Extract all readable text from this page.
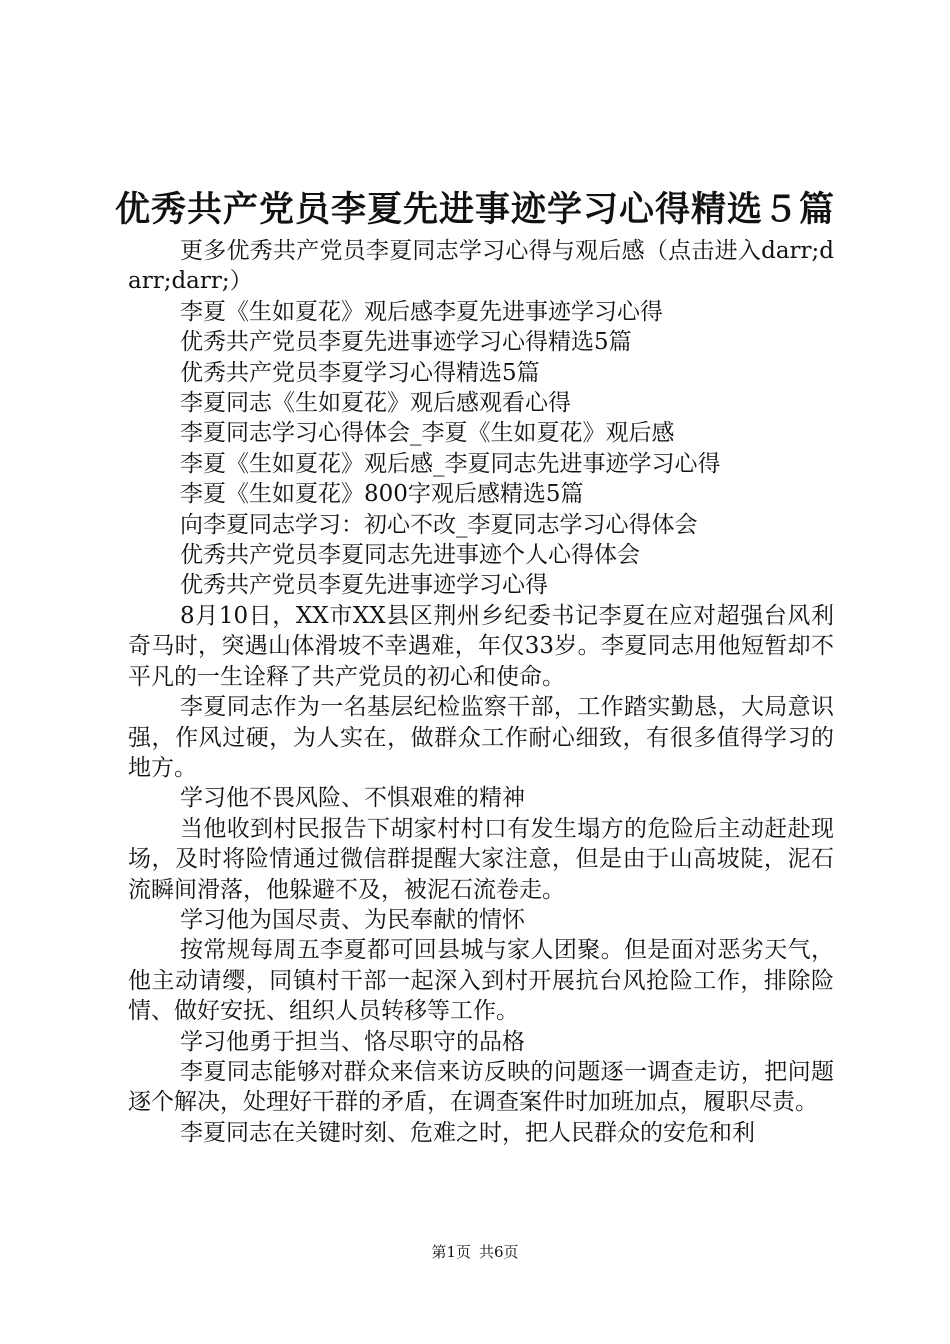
优秀共产党员李夏先进事迹学习心得精选５篇

更多优秀共产党员李夏同志学习心得与观后感（点击进入darr;darr;darr;）

李夏《生如夏花》观后感李夏先进事迹学习心得

优秀共产党员李夏先进事迹学习心得精选5篇

优秀共产党员李夏学习心得精选5篇

李夏同志《生如夏花》观后感观看心得

李夏同志学习心得体会_李夏《生如夏花》观后感

李夏《生如夏花》观后感_李夏同志先进事迹学习心得

李夏《生如夏花》800字观后感精选5篇

向李夏同志学习：初心不改_李夏同志学习心得体会

优秀共产党员李夏同志先进事迹个人心得体会

优秀共产党员李夏先进事迹学习心得

8月10日，XX市XX县区荆州乡纪委书记李夏在应对超强台风利奇马时，突遇山体滑坡不幸遇难，年仅33岁。李夏同志用他短暂却不平凡的一生诠释了共产党员的初心和使命。

李夏同志作为一名基层纪检监察干部，工作踏实勤恳，大局意识强，作风过硬，为人实在，做群众工作耐心细致，有很多值得学习的地方。

学习他不畏风险、不惧艰难的精神

当他收到村民报告下胡家村村口有发生塌方的危险后主动赶赴现场，及时将险情通过微信群提醒大家注意，但是由于山高坡陡，泥石流瞬间滑落，他躲避不及，被泥石流卷走。

学习他为国尽责、为民奉献的情怀

按常规每周五李夏都可回县城与家人团聚。但是面对恶劣天气，他主动请缨，同镇村干部一起深入到村开展抗台风抢险工作，排除险情、做好安抚、组织人员转移等工作。

学习他勇于担当、恪尽职守的品格

李夏同志能够对群众来信来访反映的问题逐一调查走访，把问题逐个解决，处理好干群的矛盾，在调查案件时加班加点，履职尽责。

李夏同志在关键时刻、危难之时，把人民群众的安危和利

第1页 共6页
